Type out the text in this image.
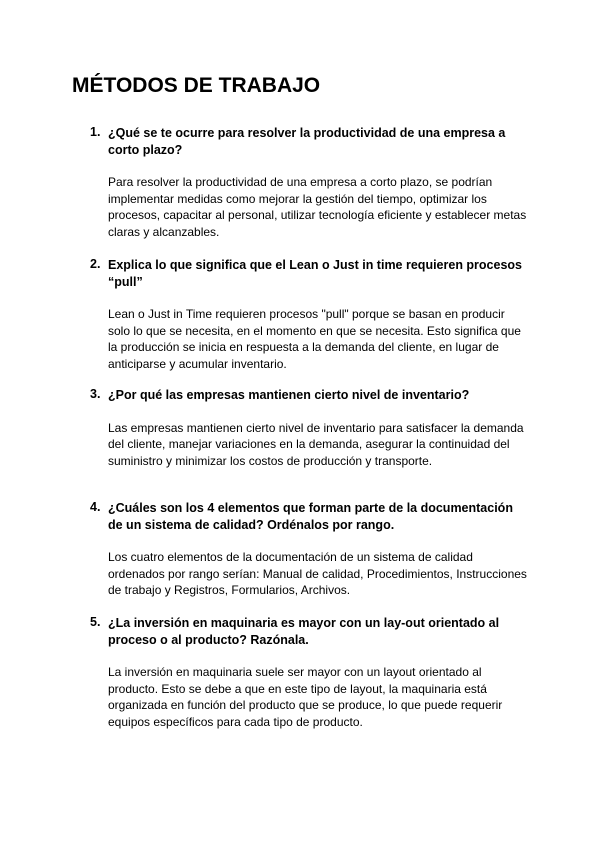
MÉTODOS DE TRABAJO
1. ¿Qué se te ocurre para resolver la productividad de una empresa a corto plazo?
Para resolver la productividad de una empresa a corto plazo, se podrían implementar medidas como mejorar la gestión del tiempo, optimizar los procesos, capacitar al personal, utilizar tecnología eficiente y establecer metas claras y alcanzables.
2. Explica lo que significa que el Lean o Just in time requieren procesos “pull”
Lean o Just in Time requieren procesos "pull" porque se basan en producir solo lo que se necesita, en el momento en que se necesita. Esto significa que la producción se inicia en respuesta a la demanda del cliente, en lugar de anticiparse y acumular inventario.
3. ¿Por qué las empresas mantienen cierto nivel de inventario?
Las empresas mantienen cierto nivel de inventario para satisfacer la demanda del cliente, manejar variaciones en la demanda, asegurar la continuidad del suministro y minimizar los costos de producción y transporte.
4. ¿Cuáles son los 4 elementos que forman parte de la documentación de un sistema de calidad? Ordénalos por rango.
Los cuatro elementos de la documentación de un sistema de calidad ordenados por rango serían: Manual de calidad, Procedimientos, Instrucciones de trabajo y Registros, Formularios, Archivos.
5. ¿La inversión en maquinaria es mayor con un lay-out orientado al proceso o al producto? Razónala.
La inversión en maquinaria suele ser mayor con un layout orientado al producto. Esto se debe a que en este tipo de layout, la maquinaria está organizada en función del producto que se produce, lo que puede requerir equipos específicos para cada tipo de producto.
